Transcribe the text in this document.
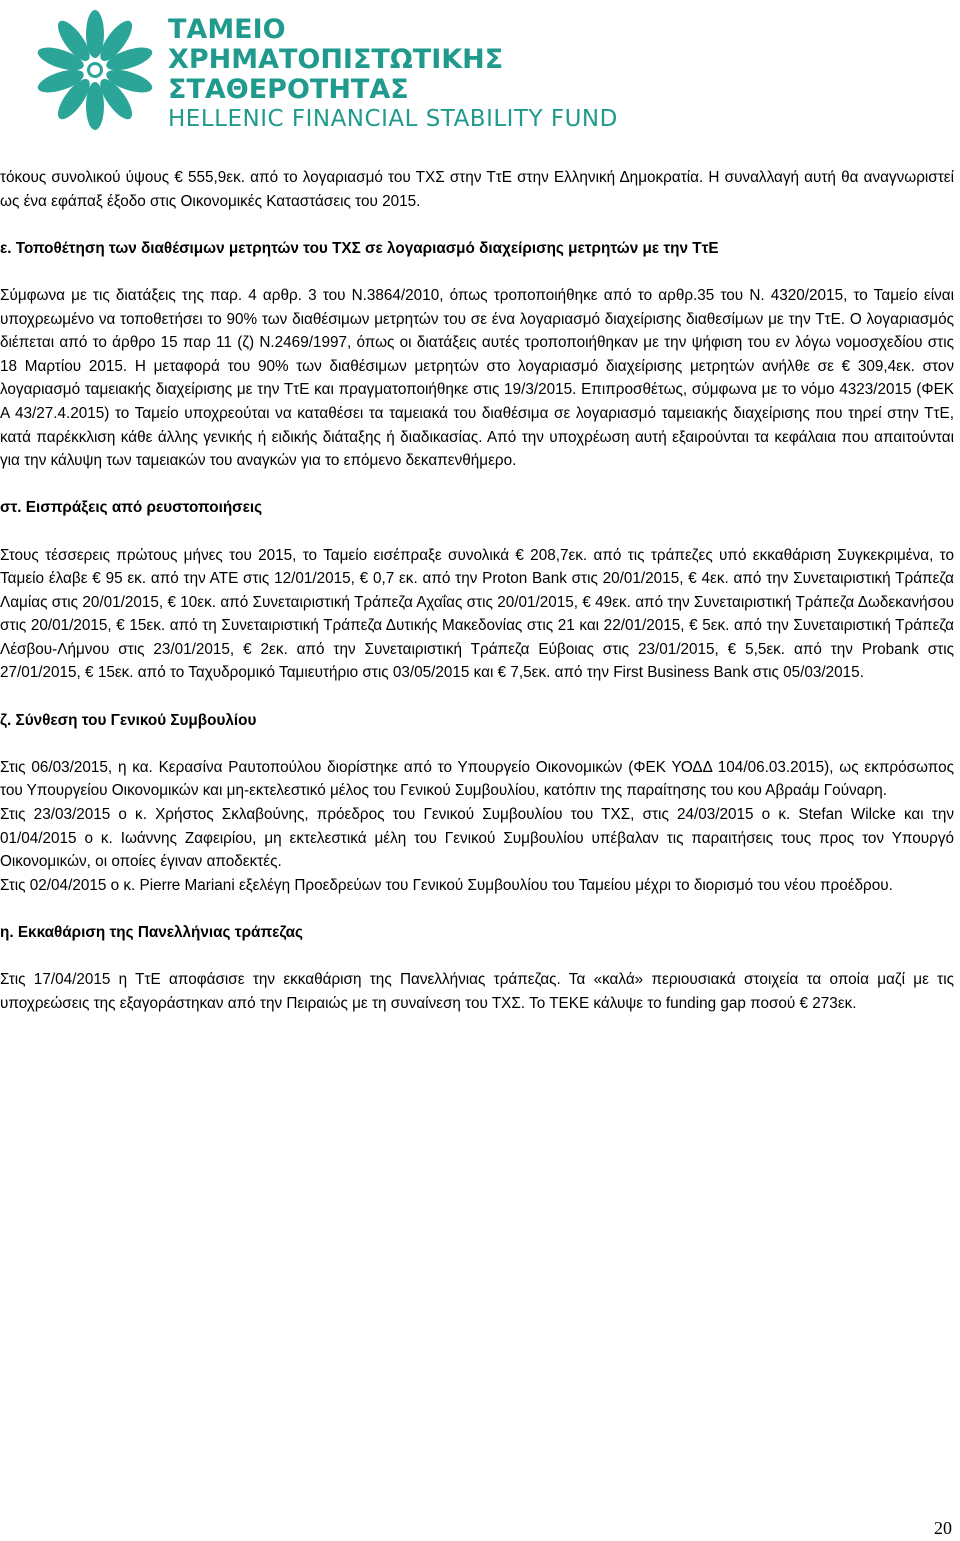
ΤΑΜΕΙΟ
ΧΡΗΜΑΤΟΠΙΣΤΩΤΙΚΗΣ
ΣΤΑΘΕΡΟΤΗΤΑΣ
HELLENIC FINANCIAL STABILITY FUND

τόκους συνολικού ύψους € 555,9εκ. από το λογαριασμό του ΤΧΣ στην ΤτΕ στην Ελληνική Δημοκρατία. Η συναλλαγή αυτή θα αναγνωριστεί ως ένα εφάπαξ έξοδο στις Οικονομικές Καταστάσεις του 2015.

ε. Τοποθέτηση των διαθέσιμων μετρητών του ΤΧΣ σε λογαριασμό διαχείρισης μετρητών με την ΤτΕ

Σύμφωνα με τις διατάξεις της παρ. 4 αρθρ. 3 του Ν.3864/2010, όπως τροποποιήθηκε από το αρθρ.35 του Ν. 4320/2015, το Ταμείο είναι υποχρεωμένο να τοποθετήσει το 90% των διαθέσιμων μετρητών του σε ένα λογαριασμό διαχείρισης διαθεσίμων με την ΤτΕ. Ο λογαριασμός διέπεται από το άρθρο 15 παρ 11 (ζ) Ν.2469/1997, όπως οι διατάξεις αυτές τροποποιήθηκαν με την ψήφιση του εν λόγω νομοσχεδίου στις 18 Μαρτίου 2015. Η μεταφορά του 90% των διαθέσιμων μετρητών στο λογαριασμό διαχείρισης μετρητών ανήλθε σε € 309,4εκ. στον λογαριασμό ταμειακής διαχείρισης με την ΤτΕ και πραγματοποιήθηκε στις 19/3/2015. Επιπροσθέτως, σύμφωνα με το νόμο 4323/2015 (ΦΕΚ Α 43/27.4.2015) το Ταμείο υποχρεούται να καταθέσει τα ταμειακά του διαθέσιμα σε λογαριασμό ταμειακής διαχείρισης που τηρεί στην ΤτΕ, κατά παρέκκλιση κάθε άλλης γενικής ή ειδικής διάταξης ή διαδικασίας. Από την υποχρέωση αυτή εξαιρούνται τα κεφάλαια που απαιτούνται για την κάλυψη των ταμειακών του αναγκών για το επόμενο δεκαπενθήμερο.

στ. Εισπράξεις από ρευστοποιήσεις

Στους τέσσερεις πρώτους μήνες του 2015, το Ταμείο εισέπραξε συνολικά € 208,7εκ. από τις τράπεζες υπό εκκαθάριση Συγκεκριμένα, το Ταμείο έλαβε € 95 εκ. από την ΑΤΕ στις 12/01/2015, € 0,7 εκ. από την Proton Bank στις 20/01/2015, € 4εκ. από την Συνεταιριστική Τράπεζα Λαμίας στις 20/01/2015, € 10εκ. από Συνεταιριστική Τράπεζα Αχαΐας στις 20/01/2015, € 49εκ. από την Συνεταιριστική Τράπεζα Δωδεκανήσου στις 20/01/2015, € 15εκ. από τη Συνεταιριστική Τράπεζα Δυτικής Μακεδονίας στις 21 και 22/01/2015, € 5εκ. από την Συνεταιριστική Τράπεζα Λέσβου-Λήμνου στις 23/01/2015, € 2εκ. από την Συνεταιριστική Τράπεζα Εύβοιας στις 23/01/2015, € 5,5εκ. από την Probank στις 27/01/2015, € 15εκ. από το Ταχυδρομικό Ταμιευτήριο στις 03/05/2015 και € 7,5εκ. από την First Business Bank στις 05/03/2015.

ζ. Σύνθεση του Γενικού Συμβουλίου

Στις 06/03/2015, η κα. Κερασίνα Ραυτοπούλου διορίστηκε από το Υπουργείο Οικονομικών (ΦΕΚ ΥΟΔΔ 104/06.03.2015), ως εκπρόσωπος του Υπουργείου Οικονομικών και μη-εκτελεστικό μέλος του Γενικού Συμβουλίου, κατόπιν της παραίτησης του κου Αβραάμ Γούναρη.

Στις 23/03/2015 ο κ. Χρήστος Σκλαβούνης, πρόεδρος του Γενικού Συμβουλίου του ΤΧΣ, στις 24/03/2015 ο κ. Stefan Wilcke και την 01/04/2015 ο κ. Ιωάννης Ζαφειρίου, μη εκτελεστικά μέλη του Γενικού Συμβουλίου υπέβαλαν τις παραιτήσεις τους προς τον Υπουργό Οικονομικών, οι οποίες έγιναν αποδεκτές.

Στις 02/04/2015 ο κ. Pierre Mariani εξελέγη Προεδρεύων του Γενικού Συμβουλίου του Ταμείου μέχρι το διορισμό του νέου προέδρου.

η. Εκκαθάριση της Πανελλήνιας τράπεζας

Στις 17/04/2015 η ΤτΕ αποφάσισε την εκκαθάριση της Πανελλήνιας τράπεζας. Τα «καλά» περιουσιακά στοιχεία τα οποία μαζί με τις υποχρεώσεις της εξαγοράστηκαν από την Πειραιώς με τη συναίνεση του ΤΧΣ. Το ΤΕΚΕ κάλυψε το funding gap ποσού € 273εκ.

20
